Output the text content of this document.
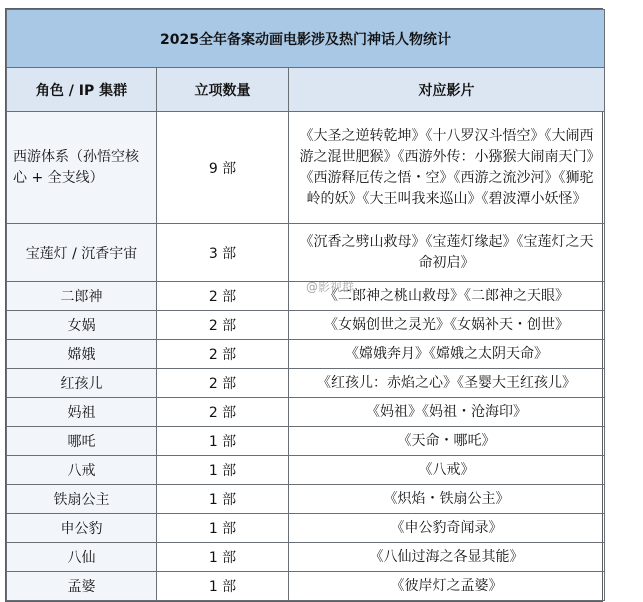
2025全年备案动画电影涉及热门神话人物统计		
角色 / IP 集群	立项数量	对应影片
西游体系（孙悟空核心 + 全支线）	9 部	《大圣之逆转乾坤》《十八罗汉斗悟空》《大闹西游之混世肥猴》《西游外传：小猕猴大闹南天门》《西游释厄传之悟・空》《西游之流沙河》《狮驼岭的妖》《大王叫我来巡山》《碧波潭小妖怪》
宝莲灯 / 沉香宇宙	3 部	《沉香之劈山救母》《宝莲灯缘起》《宝莲灯之天命初启》
二郎神	2 部	《二郎神之桃山救母》《二郎神之天眼》
女娲	2 部	《女娲创世之灵光》《女娲补天・创世》
嫦娥	2 部	《嫦娥奔月》《嫦娥之太阴天命》
红孩儿	2 部	《红孩儿：赤焰之心》《圣婴大王红孩儿》
妈祖	2 部	《妈祖》《妈祖・沧海印》
哪吒	1 部	《天命・哪吒》
八戒	1 部	《八戒》
铁扇公主	1 部	《炽焰・铁扇公主》
申公豹	1 部	《申公豹奇闻录》
八仙	1 部	《八仙过海之各显其能》
孟婆	1 部	《彼岸灯之孟婆》
@影视群
